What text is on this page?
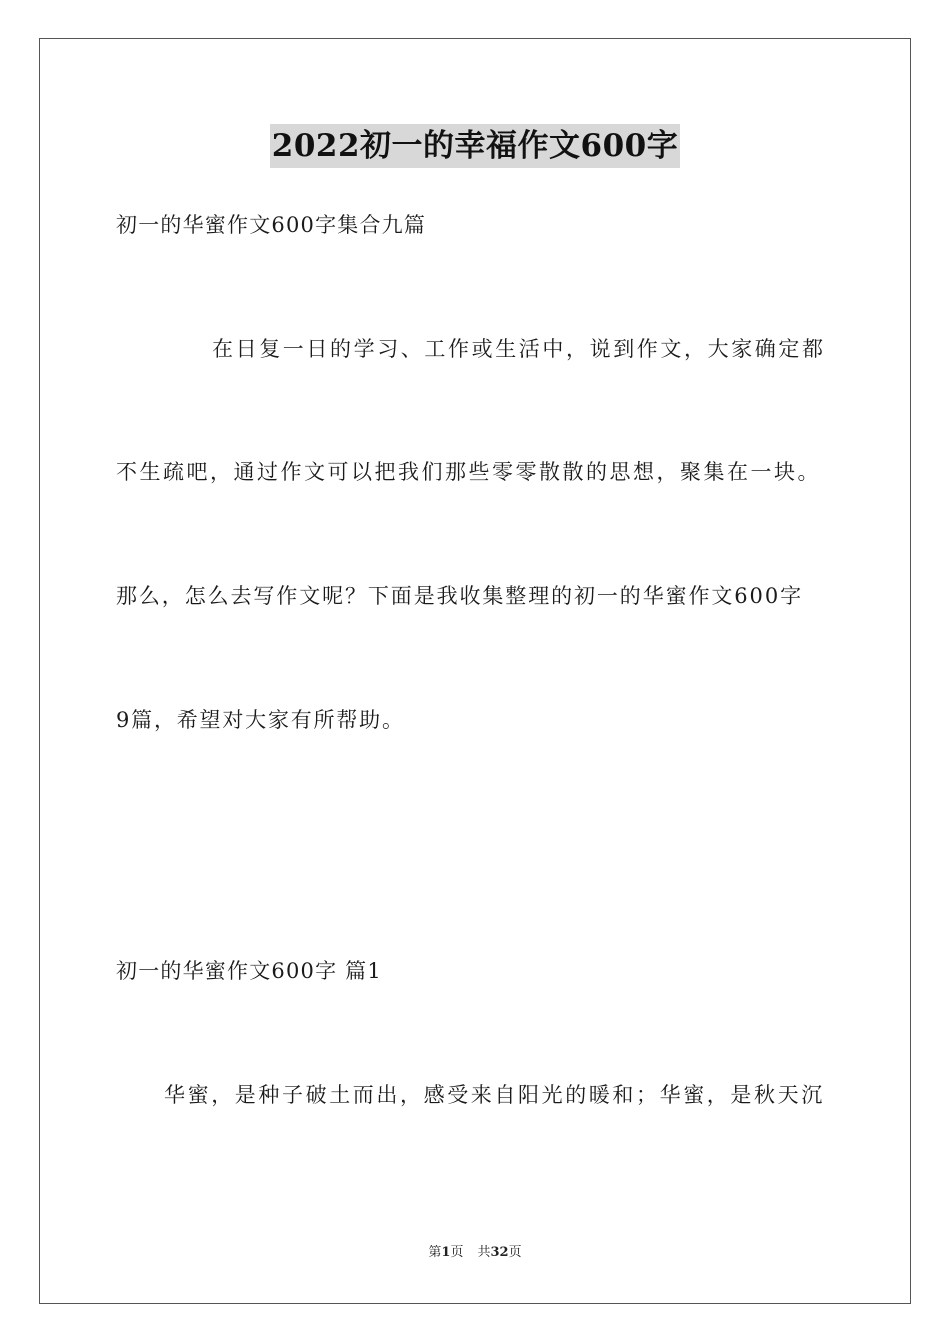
2022初一的幸福作文600字
初一的华蜜作文600字集合九篇
在日复一日的学习、工作或生活中，说到作文，大家确定都
不生疏吧，通过作文可以把我们那些零零散散的思想，聚集在一块。
那么，怎么去写作文呢？下面是我收集整理的初一的华蜜作文600字
9篇，希望对大家有所帮助。
初一的华蜜作文600字 篇1
华蜜，是种子破土而出，感受来自阳光的暖和；华蜜，是秋天沉
第1页 共32页
